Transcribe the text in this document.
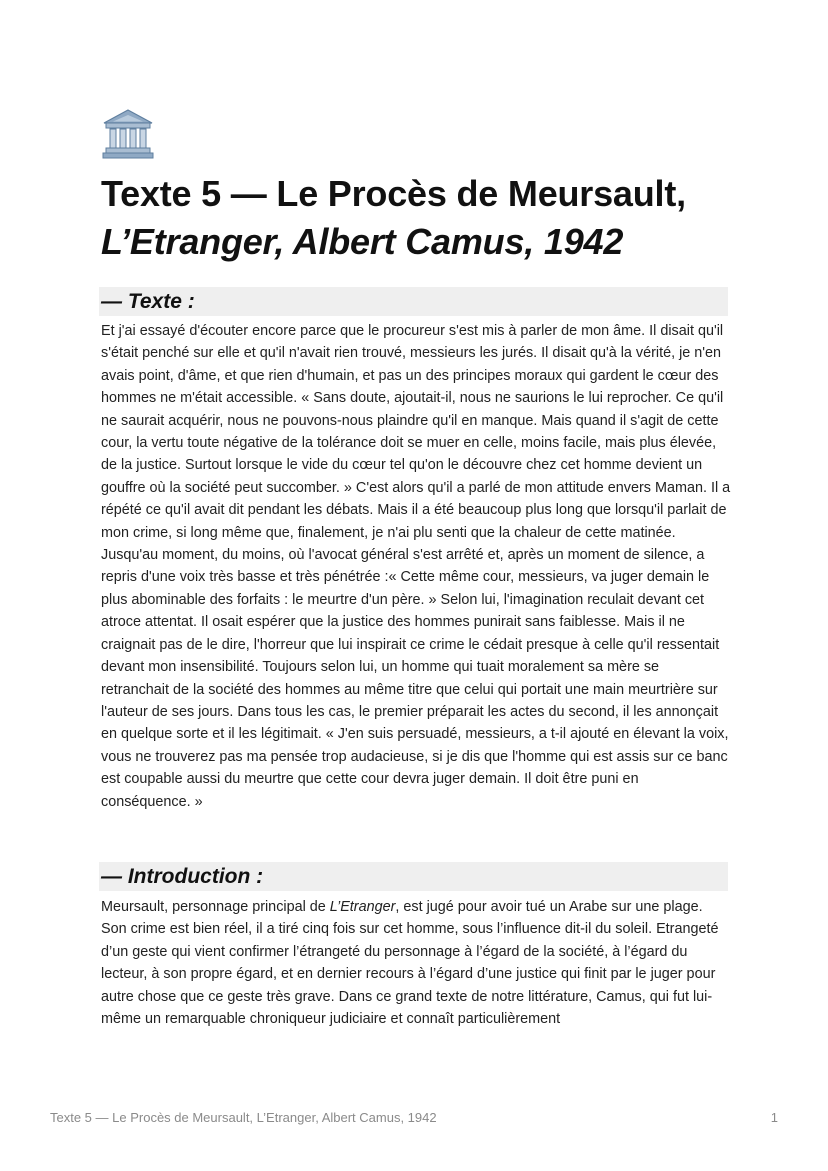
Texte 5 — Le Procès de Meursault,
L’Etranger, Albert Camus, 1942
— Texte :

Et j'ai essayé d'écouter encore parce que le procureur s'est mis à parler de mon âme. Il disait qu'il s'était penché sur elle et qu'il n'avait rien trouvé, messieurs les jurés. Il disait qu'à la vérité, je n'en avais point, d'âme, et que rien d'humain, et pas un des principes moraux qui gardent le cœur des hommes ne m'était accessible. « Sans doute, ajoutait-il, nous ne saurions le lui reprocher. Ce qu'il ne saurait acquérir, nous ne pouvons-nous plaindre qu'il en manque. Mais quand il s'agit de cette cour, la vertu toute négative de la tolérance doit se muer en celle, moins facile, mais plus élevée, de la justice. Surtout lorsque le vide du cœur tel qu'on le découvre chez cet homme devient un gouffre où la société peut succomber. » C'est alors qu'il a parlé de mon attitude envers Maman. Il a répété ce qu'il avait dit pendant les débats. Mais il a été beaucoup plus long que lorsqu'il parlait de mon crime, si long même que, finalement, je n'ai plu senti que la chaleur de cette matinée. Jusqu'au moment, du moins, où l'avocat général s'est arrêté et, après un moment de silence, a repris d'une voix très basse et très pénétrée :« Cette même cour, messieurs, va juger demain le plus abominable des forfaits : le meurtre d'un père. » Selon lui, l'imagination reculait devant cet atroce attentat. Il osait espérer que la justice des hommes punirait sans faiblesse. Mais il ne craignait pas de le dire, l'horreur que lui inspirait ce crime le cédait presque à celle qu'il ressentait devant mon insensibilité. Toujours selon lui, un homme qui tuait moralement sa mère se retranchait de la société des hommes au même titre que celui qui portait une main meurtrière sur l'auteur de ses jours. Dans tous les cas, le premier préparait les actes du second, il les annonçait en quelque sorte et il les légitimait. « J'en suis persuadé, messieurs, a t-il ajouté en élevant la voix, vous ne trouverez pas ma pensée trop audacieuse, si je dis que l'homme qui est assis sur ce banc est coupable aussi du meurtre que cette cour devra juger demain. Il doit être puni en conséquence. »

— Introduction :

Meursault, personnage principal de L’Etranger, est jugé pour avoir tué un Arabe sur une plage. Son crime est bien réel, il a tiré cinq fois sur cet homme, sous l’influence dit-il du soleil. Etrangeté d’un geste qui vient confirmer l’étrangeté du personnage à l’égard de la société, à l’égard du lecteur, à son propre égard, et en dernier recours à l’égard d’une justice qui finit par le juger pour autre chose que ce geste très grave. Dans ce grand texte de notre littérature, Camus, qui fut lui-même un remarquable chroniqueur judiciaire et connaît particulièrement

Texte 5 — Le Procès de Meursault, L’Etranger, Albert Camus, 1942	1
